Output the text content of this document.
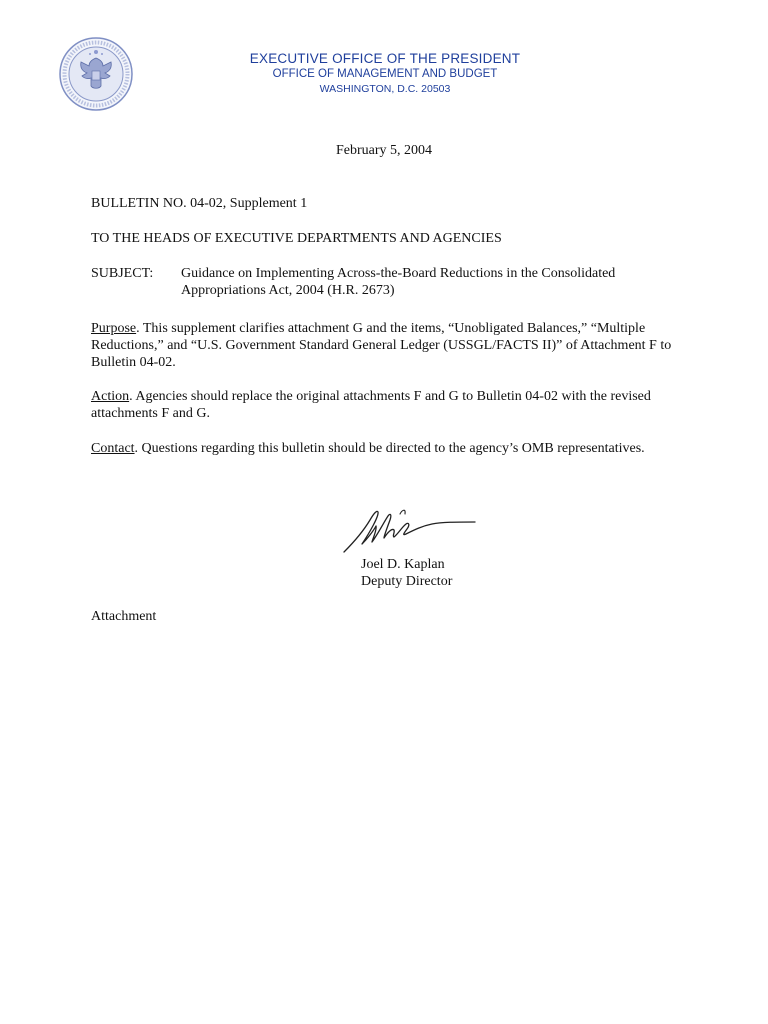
EXECUTIVE OFFICE OF THE PRESIDENT
OFFICE OF MANAGEMENT AND BUDGET
WASHINGTON, D.C. 20503
February 5, 2004
BULLETIN NO. 04-02, Supplement 1
TO THE HEADS OF EXECUTIVE DEPARTMENTS AND AGENCIES
SUBJECT: Guidance on Implementing Across-the-Board Reductions in the Consolidated Appropriations Act, 2004 (H.R. 2673)
Purpose. This supplement clarifies attachment G and the items, “Unobligated Balances,” “Multiple Reductions,” and “U.S. Government Standard General Ledger (USSGL/FACTS II)” of Attachment F to Bulletin 04-02.
Action. Agencies should replace the original attachments F and G to Bulletin 04-02 with the revised attachments F and G.
Contact. Questions regarding this bulletin should be directed to the agency’s OMB representatives.
Joel D. Kaplan
Deputy Director
Attachment
